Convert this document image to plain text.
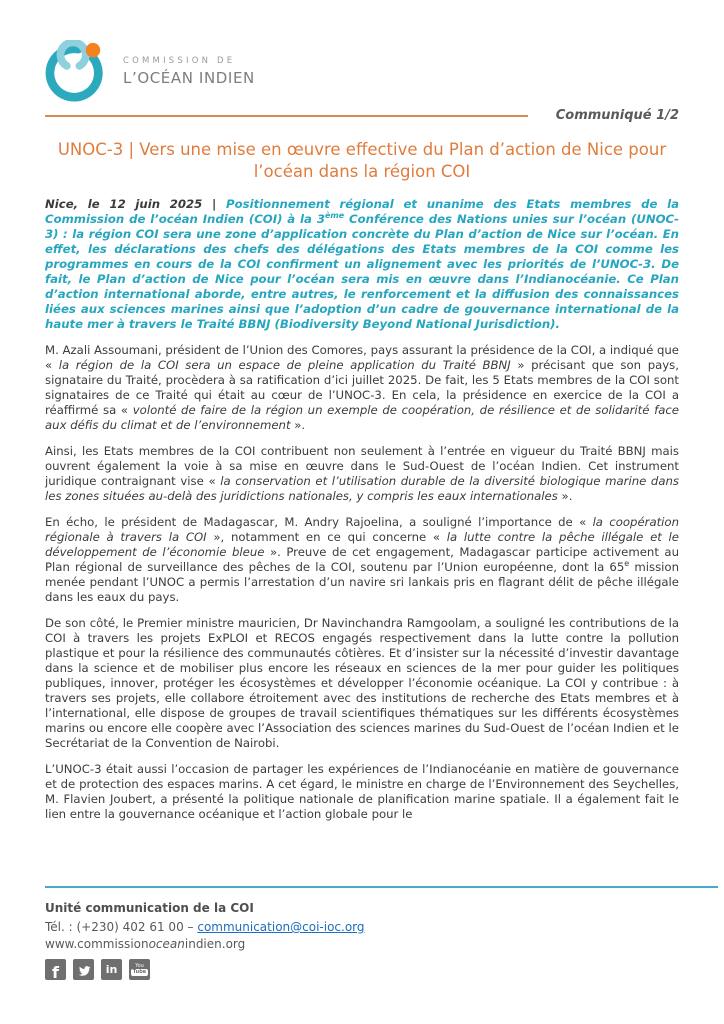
COMMISSION DE
L’OCÉAN INDIEN
Communiqué 1/2
UNOC-3 | Vers une mise en œuvre effective du Plan d’action de Nice pour l’océan dans la région COI

Nice, le 12 juin 2025 | Positionnement régional et unanime des Etats membres de la Commission de l’océan Indien (COI) à la 3ème Conférence des Nations unies sur l’océan (UNOC-3) : la région COI sera une zone d’application concrète du Plan d’action de Nice sur l’océan. En effet, les déclarations des chefs des délégations des Etats membres de la COI comme les programmes en cours de la COI confirment un alignement avec les priorités de l’UNOC-3. De fait, le Plan d’action de Nice pour l’océan sera mis en œuvre dans l’Indianocéanie. Ce Plan d’action international aborde, entre autres, le renforcement et la diffusion des connaissances liées aux sciences marines ainsi que l’adoption d’un cadre de gouvernance international de la haute mer à travers le Traité BBNJ (Biodiversity Beyond National Jurisdiction).

M. Azali Assoumani, président de l’Union des Comores, pays assurant la présidence de la COI, a indiqué que « la région de la COI sera un espace de pleine application du Traité BBNJ » précisant que son pays, signataire du Traité, procèdera à sa ratification d’ici juillet 2025. De fait, les 5 Etats membres de la COI sont signataires de ce Traité qui était au cœur de l’UNOC-3. En cela, la présidence en exercice de la COI a réaffirmé sa « volonté de faire de la région un exemple de coopération, de résilience et de solidarité face aux défis du climat et de l’environnement ».

Ainsi, les Etats membres de la COI contribuent non seulement à l’entrée en vigueur du Traité BBNJ mais ouvrent également la voie à sa mise en œuvre dans le Sud-Ouest de l’océan Indien. Cet instrument juridique contraignant vise « la conservation et l’utilisation durable de la diversité biologique marine dans les zones situées au-delà des juridictions nationales, y compris les eaux internationales ».

En écho, le président de Madagascar, M. Andry Rajoelina, a souligné l’importance de « la coopération régionale à travers la COI », notamment en ce qui concerne « la lutte contre la pêche illégale et le développement de l’économie bleue ». Preuve de cet engagement, Madagascar participe activement au Plan régional de surveillance des pêches de la COI, soutenu par l’Union européenne, dont la 65e mission menée pendant l’UNOC a permis l’arrestation d’un navire sri lankais pris en flagrant délit de pêche illégale dans les eaux du pays.

De son côté, le Premier ministre mauricien, Dr Navinchandra Ramgoolam, a souligné les contributions de la COI à travers les projets ExPLOI et RECOS engagés respectivement dans la lutte contre la pollution plastique et pour la résilience des communautés côtières. Et d’insister sur la nécessité d’investir davantage dans la science et de mobiliser plus encore les réseaux en sciences de la mer pour guider les politiques publiques, innover, protéger les écosystèmes et développer l’économie océanique. La COI y contribue : à travers ses projets, elle collabore étroitement avec des institutions de recherche des Etats membres et à l’international, elle dispose de groupes de travail scientifiques thématiques sur les différents écosystèmes marins ou encore elle coopère avec l’Association des sciences marines du Sud-Ouest de l’océan Indien et le Secrétariat de la Convention de Nairobi.

L’UNOC-3 était aussi l’occasion de partager les expériences de l’Indianocéanie en matière de gouvernance et de protection des espaces marins. A cet égard, le ministre en charge de l’Environnement des Seychelles, M. Flavien Joubert, a présenté la politique nationale de planification marine spatiale. Il a également fait le lien entre la gouvernance océanique et l’action globale pour le

Unité communication de la COI
Tél. : (+230) 402 61 00 – communication@coi-ioc.org
www.commissionoceanindien.org
f	in	You
Tube
